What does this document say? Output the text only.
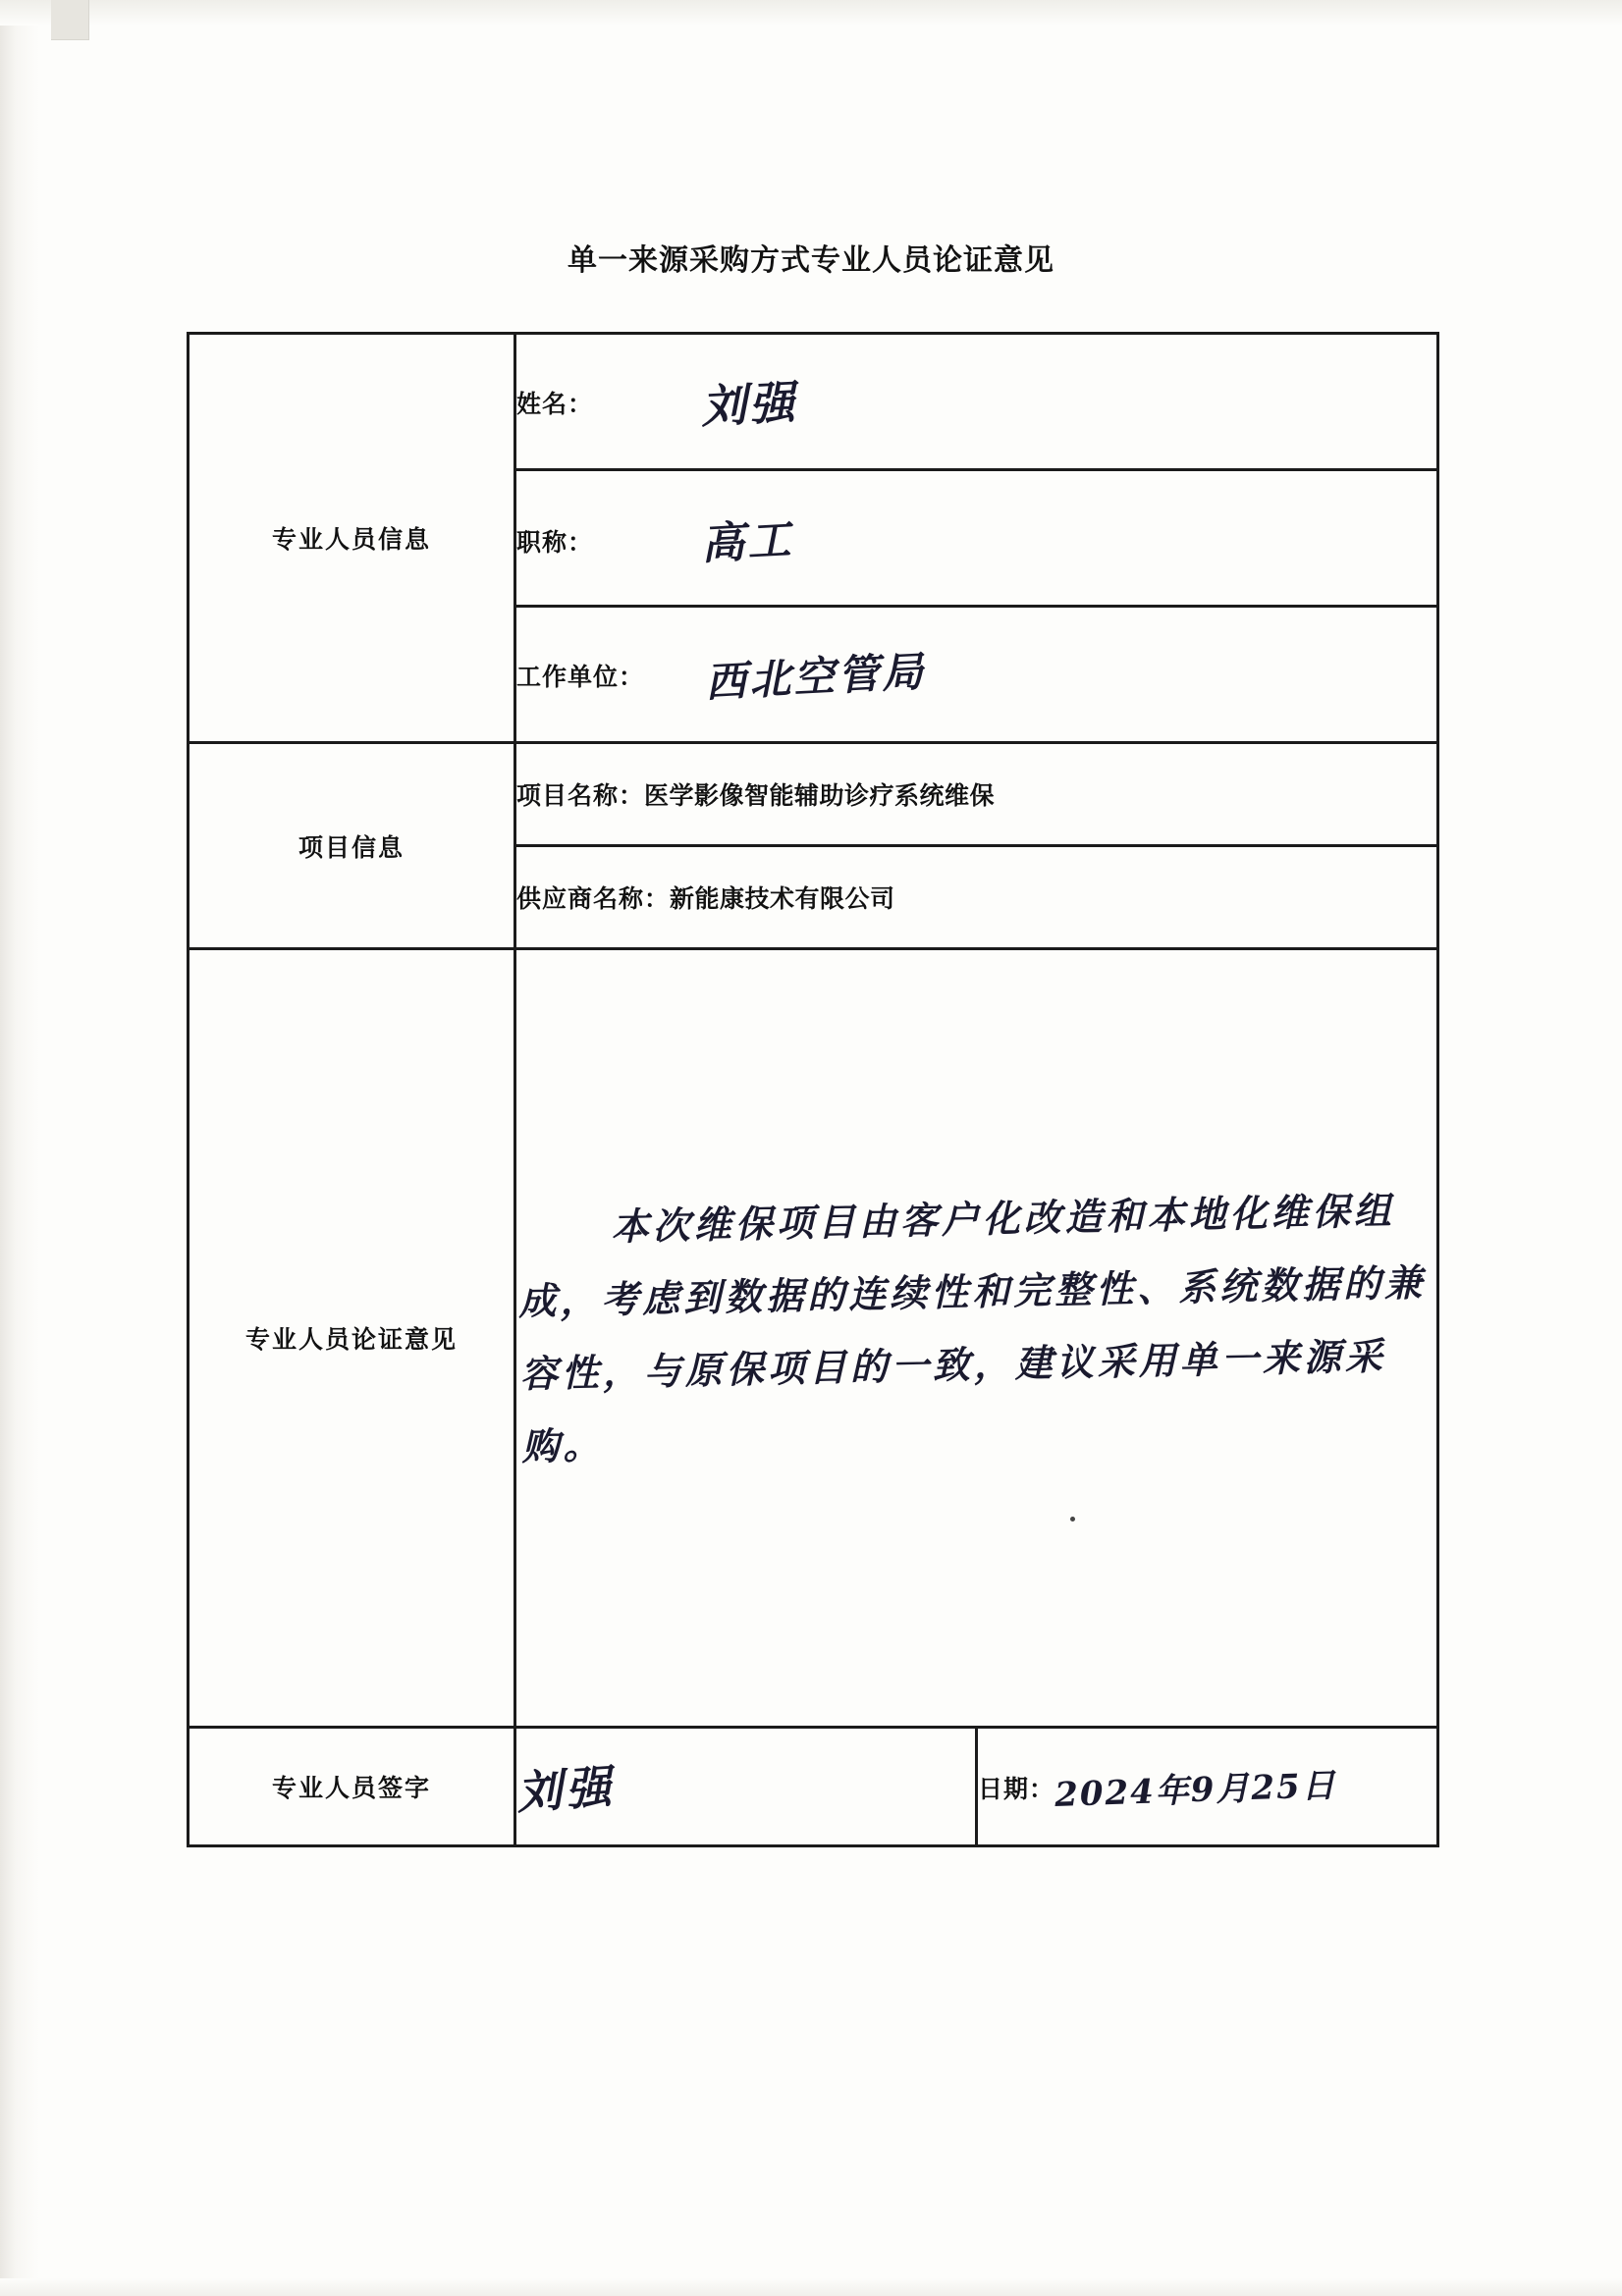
单一来源采购方式专业人员论证意见
专业人员信息	姓名： 刘强	
	职称： 高工	
	工作单位： 西北空管局	
项目信息	项目名称：医学影像智能辅助诊疗系统维保	
	供应商名称：新能康技术有限公司	
专业人员论证意见	本次维保项目由客户化改造和本地化维保组成，考虑到数据的连续性和完整性、系统数据的兼容性，与原保项目的一致，建议采用单一来源采购。	

专业人员签字	刘强	日期：2024年9月25日
